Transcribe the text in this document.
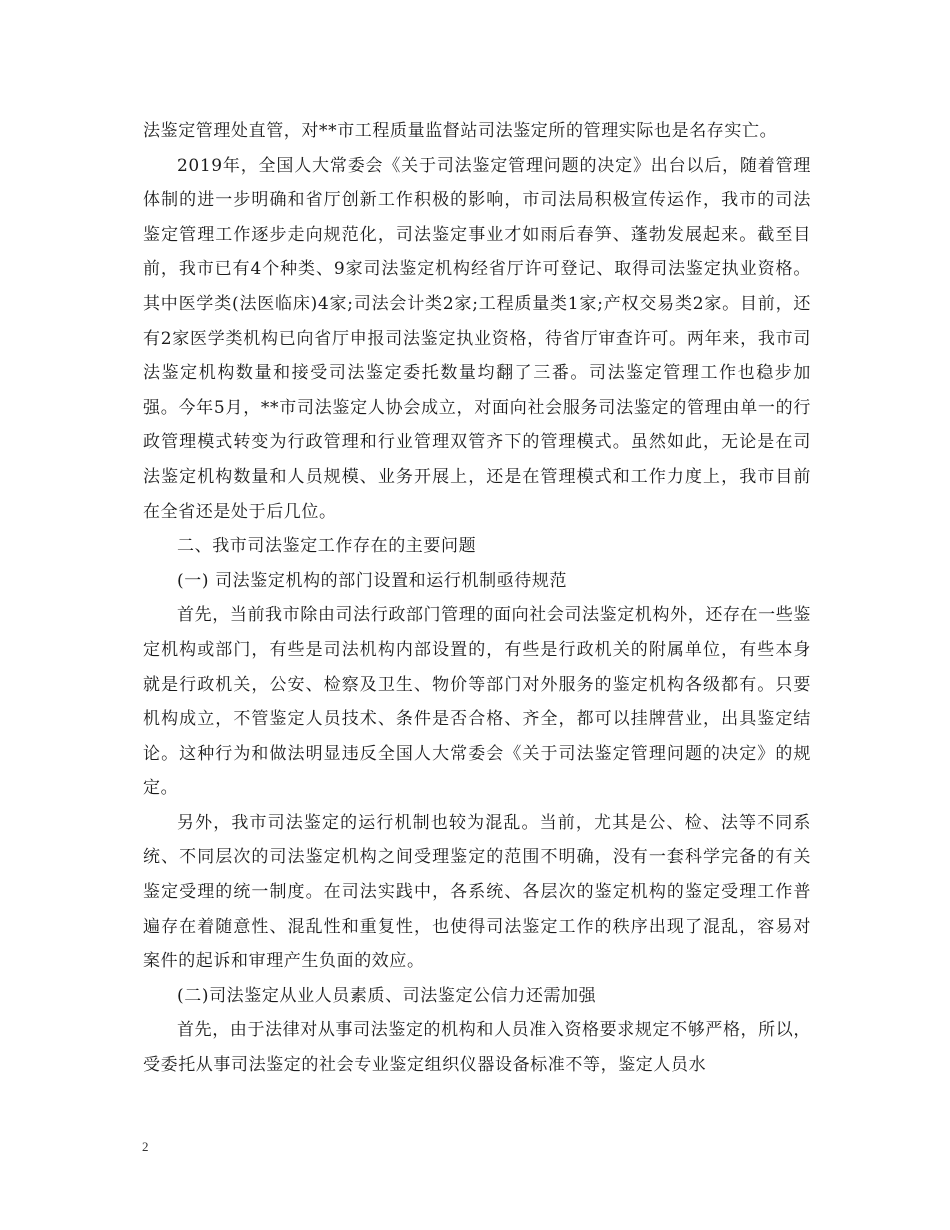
法鉴定管理处直管，对**市工程质量监督站司法鉴定所的管理实际也是名存实亡。

2019年，全国人大常委会《关于司法鉴定管理问题的决定》出台以后，随着管理体制的进一步明确和省厅创新工作积极的影响，市司法局积极宣传运作，我市的司法鉴定管理工作逐步走向规范化，司法鉴定事业才如雨后春笋、蓬勃发展起来。截至目前，我市已有4个种类、9家司法鉴定机构经省厅许可登记、取得司法鉴定执业资格。其中医学类(法医临床)4家;司法会计类2家;工程质量类1家;产权交易类2家。目前，还有2家医学类机构已向省厅申报司法鉴定执业资格，待省厅审查许可。两年来，我市司法鉴定机构数量和接受司法鉴定委托数量均翻了三番。司法鉴定管理工作也稳步加强。今年5月，**市司法鉴定人协会成立，对面向社会服务司法鉴定的管理由单一的行政管理模式转变为行政管理和行业管理双管齐下的管理模式。虽然如此，无论是在司法鉴定机构数量和人员规模、业务开展上，还是在管理模式和工作力度上，我市目前在全省还是处于后几位。

二、我市司法鉴定工作存在的主要问题

(一) 司法鉴定机构的部门设置和运行机制亟待规范

首先，当前我市除由司法行政部门管理的面向社会司法鉴定机构外，还存在一些鉴定机构或部门，有些是司法机构内部设置的，有些是行政机关的附属单位，有些本身就是行政机关，公安、检察及卫生、物价等部门对外服务的鉴定机构各级都有。只要机构成立，不管鉴定人员技术、条件是否合格、齐全，都可以挂牌营业，出具鉴定结论。这种行为和做法明显违反全国人大常委会《关于司法鉴定管理问题的决定》的规定。

另外，我市司法鉴定的运行机制也较为混乱。当前，尤其是公、检、法等不同系统、不同层次的司法鉴定机构之间受理鉴定的范围不明确，没有一套科学完备的有关鉴定受理的统一制度。在司法实践中，各系统、各层次的鉴定机构的鉴定受理工作普遍存在着随意性、混乱性和重复性，也使得司法鉴定工作的秩序出现了混乱，容易对案件的起诉和审理产生负面的效应。

(二)司法鉴定从业人员素质、司法鉴定公信力还需加强

首先，由于法律对从事司法鉴定的机构和人员准入资格要求规定不够严格，所以，受委托从事司法鉴定的社会专业鉴定组织仪器设备标准不等，鉴定人员水

2
